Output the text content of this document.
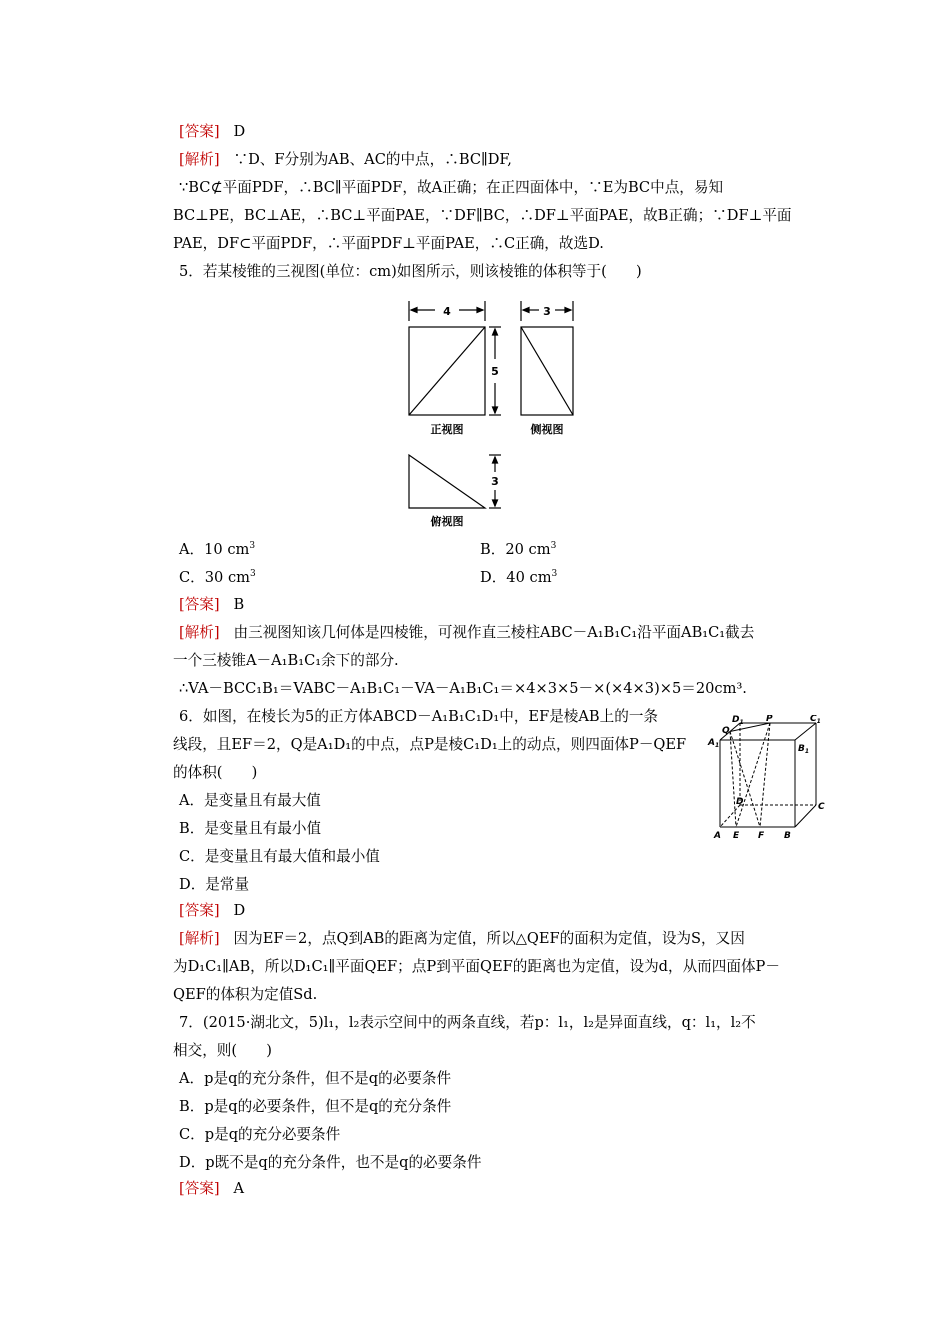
[答案] D
[解析] ∵D、F分别为AB、AC的中点，∴BC∥DF,
∵BC⊄平面PDF，∴BC∥平面PDF，故A正确；在正四面体中，∵E为BC中点，易知
BC⊥PE，BC⊥AE，∴BC⊥平面PAE，∵DF∥BC，∴DF⊥平面PAE，故B正确；∵DF⊥平面
PAE，DF⊂平面PDF，∴平面PDF⊥平面PAE，∴C正确，故选D.
5．若某棱锥的三视图(单位：cm)如图所示，则该棱锥的体积等于(　　)
4
5
正视图
3
侧视图
3
俯视图
A．10 $cm^3$	B．20 $cm^3$
C．30 $cm^3$	D．40 $cm^3$
[答案] B
[解析] 由三视图知该几何体是四棱锥，可视作直三棱柱ABC－A₁B₁C₁沿平面AB₁C₁截去
一个三棱锥A－A₁B₁C₁余下的部分.
∴VA－BCC₁B₁＝VABC－A₁B₁C₁－VA－A₁B₁C₁＝×4×3×5－×(×4×3)×5＝20cm³.
6．如图，在棱长为5的正方体ABCD－A₁B₁C₁D₁中，EF是棱AB上的一条
线段，且EF＝2，Q是A₁D₁的中点，点P是棱C₁D₁上的动点，则四面体P－QEF
的体积(　　)
A．是变量且有最大值
B．是变量且有最小值
C．是变量且有最大值和最小值
D．是常量
$D_1$ P	$C_1$
Q
$A_1$	$B_1$
D	C
A E F B
[答案] D
[解析] 因为EF＝2，点Q到AB的距离为定值，所以△QEF的面积为定值，设为S，又因
为D₁C₁∥AB，所以D₁C₁∥平面QEF；点P到平面QEF的距离也为定值，设为d，从而四面体P－
QEF的体积为定值Sd.
7．(2015·湖北文，5)l₁，l₂表示空间中的两条直线，若p：l₁，l₂是异面直线，q：l₁，l₂不
相交，则(　　)
A．p是q的充分条件，但不是q的必要条件
B．p是q的必要条件，但不是q的充分条件
C．p是q的充分必要条件
D．p既不是q的充分条件，也不是q的必要条件
[答案] A
